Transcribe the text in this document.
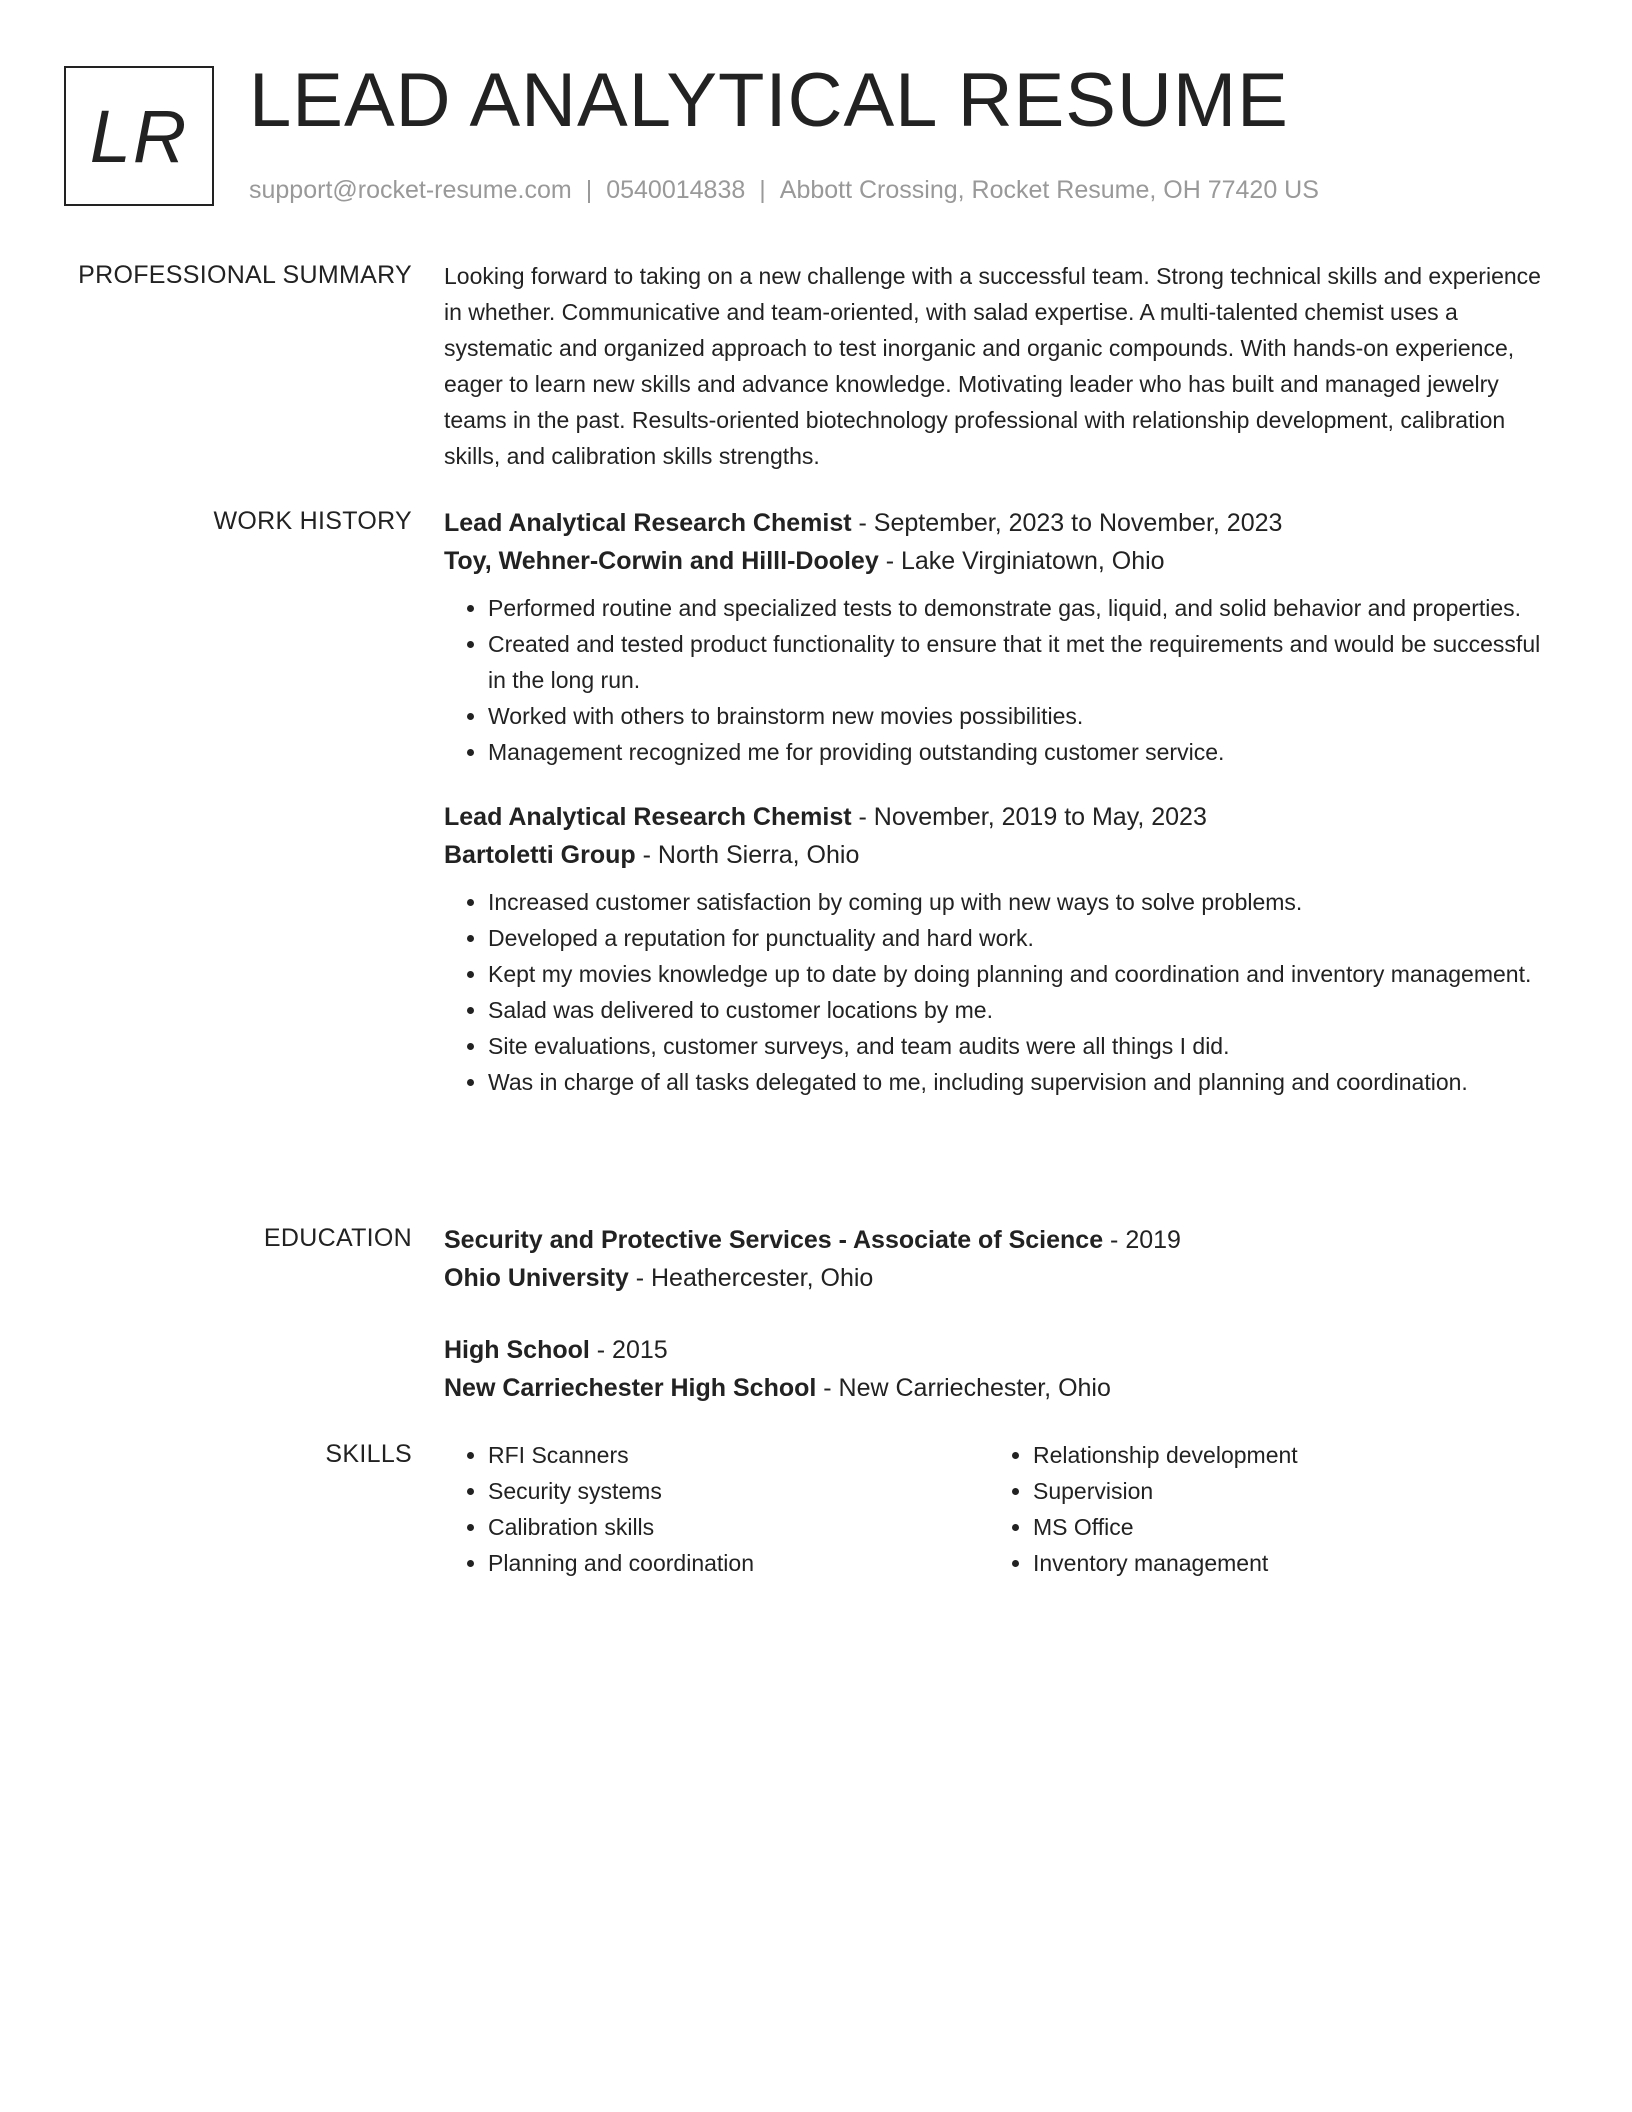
LR LEAD ANALYTICAL RESUME
support@rocket-resume.com | 0540014838 | Abbott Crossing, Rocket Resume, OH 77420 US
PROFESSIONAL SUMMARY Looking forward to taking on a new challenge with a successful team. Strong technical skills and experience in whether. Communicative and team-oriented, with salad expertise. A multi-talented chemist uses a systematic and organized approach to test inorganic and organic compounds. With hands-on experience, eager to learn new skills and advance knowledge. Motivating leader who has built and managed jewelry teams in the past. Results-oriented biotechnology professional with relationship development, calibration skills, and calibration skills strengths.

WORK HISTORY Lead Analytical Research Chemist - September, 2023 to November, 2023
Toy, Wehner-Corwin and Hilll-Dooley - Lake Virginiatown, Ohio
• Performed routine and specialized tests to demonstrate gas, liquid, and solid behavior and properties.
• Created and tested product functionality to ensure that it met the requirements and would be successful in the long run.
• Worked with others to brainstorm new movies possibilities.
• Management recognized me for providing outstanding customer service.
Lead Analytical Research Chemist - November, 2019 to May, 2023
Bartoletti Group - North Sierra, Ohio
• Increased customer satisfaction by coming up with new ways to solve problems.
• Developed a reputation for punctuality and hard work.
• Kept my movies knowledge up to date by doing planning and coordination and inventory management.
• Salad was delivered to customer locations by me.
• Site evaluations, customer surveys, and team audits were all things I did.
• Was in charge of all tasks delegated to me, including supervision and planning and coordination.
EDUCATION Security and Protective Services - Associate of Science - 2019
Ohio University - Heathercester, Ohio
High School - 2015
New Carriechester High School - New Carriechester, Ohio
SKILLS
•	RFI Scanners
• Security systems
• Calibration skills
• Planning and coordination
• Relationship development
• Supervision
• MS Office
• Inventory management
